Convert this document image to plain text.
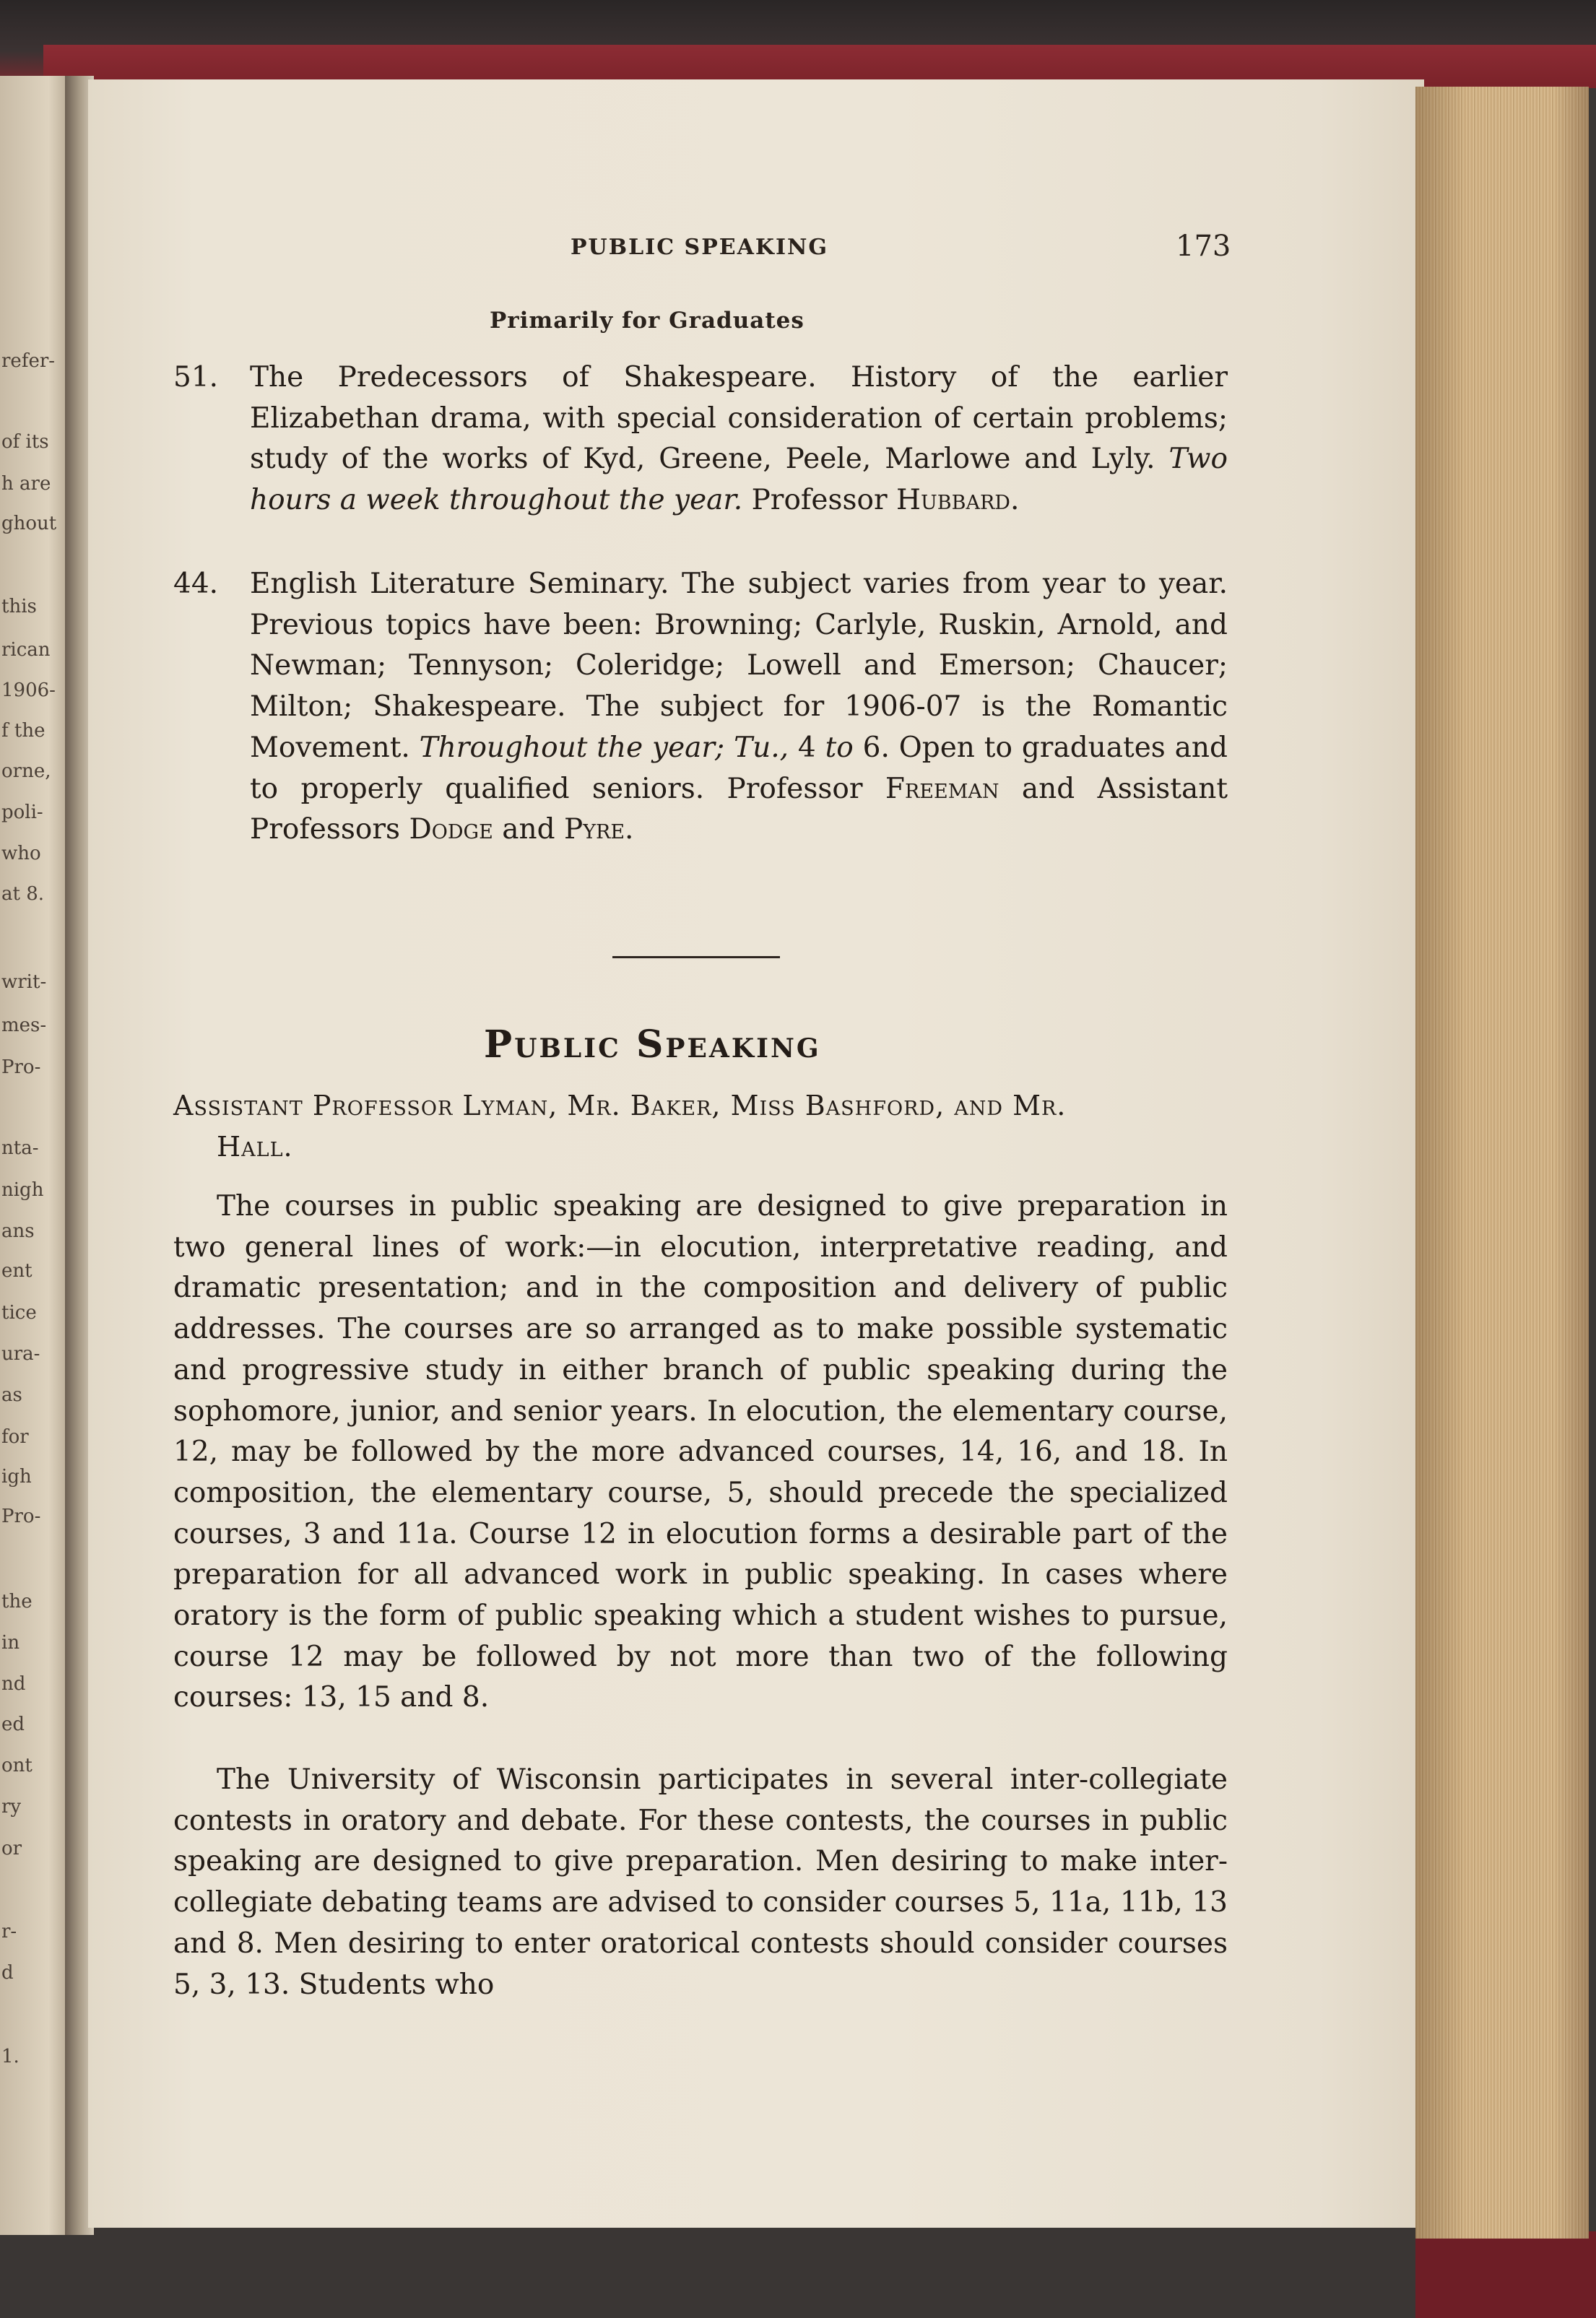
refer-
of its
h are
ghout
this
rican
1906-
f the
orne,
poli-
who
at 8.
writ-
mes-
Pro-
nta-
nigh
ans
ent
tice
ura-
as
for
igh
Pro-
the
in
nd
ed
ont
ry
or
r-
d
1.
PUBLIC SPEAKING	173
Primarily for Graduates
51. The Predecessors of Shakespeare. History of the earlier Elizabethan drama, with special consideration of certain problems; study of the works of Kyd, Greene, Peele, Marlowe and Lyly. Two hours a week throughout the year. Professor Hubbard.
44. English Literature Seminary. The subject varies from year to year. Previous topics have been: Browning; Carlyle, Ruskin, Arnold, and Newman; Tennyson; Coleridge; Lowell and Emerson; Chaucer; Milton; Shakespeare. The subject for 1906-07 is the Romantic Movement. Throughout the year; Tu., 4 to 6. Open to graduates and to properly qualified seniors. Professor Freeman and Assistant Professors Dodge and Pyre.
Public Speaking
Assistant Professor Lyman, Mr. Baker, Miss Bashford, and Mr.
Hall.
The courses in public speaking are designed to give preparation in two general lines of work:—in elocution, interpretative reading, and dramatic presentation; and in the composition and delivery of public addresses. The courses are so arranged as to make possible systematic and progressive study in either branch of public speaking during the sophomore, junior, and senior years. In elocution, the elementary course, 12, may be followed by the more advanced courses, 14, 16, and 18. In composition, the elementary course, 5, should precede the specialized courses, 3 and 11a. Course 12 in elocution forms a desirable part of the preparation for all advanced work in public speaking. In cases where oratory is the form of public speaking which a student wishes to pursue, course 12 may be followed by not more than two of the following courses: 13, 15 and 8.
The University of Wisconsin participates in several inter-collegiate contests in oratory and debate. For these contests, the courses in public speaking are designed to give preparation. Men desiring to make inter-collegiate debating teams are advised to consider courses 5, 11a, 11b, 13 and 8. Men desiring to enter oratorical contests should consider courses 5, 3, 13. Students who
